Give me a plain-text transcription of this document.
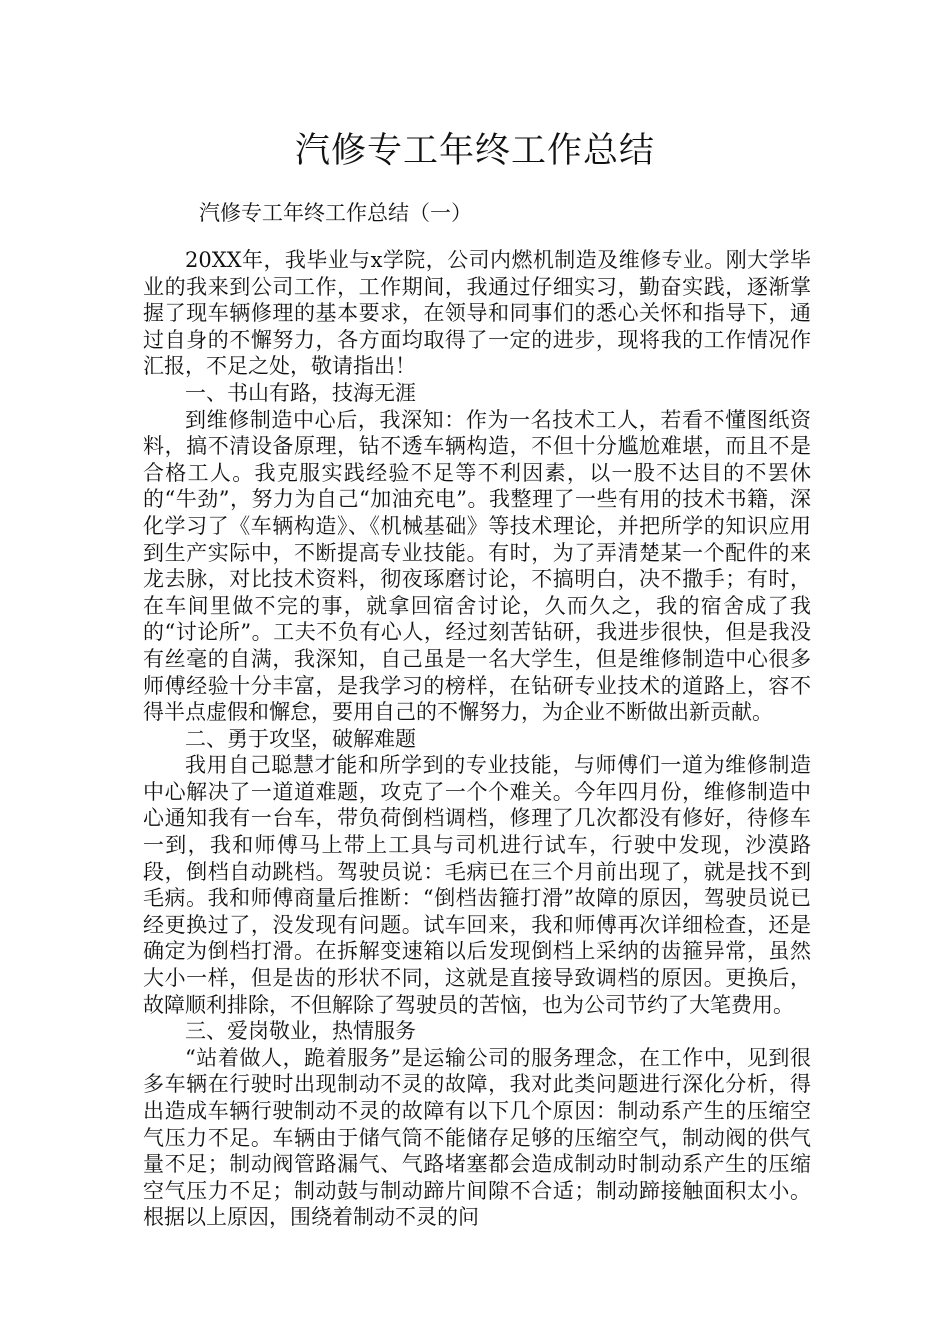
汽修专工年终工作总结
汽修专工年终工作总结（一）

20XX年，我毕业与x学院，公司内燃机制造及维修专业。刚大学毕业的我来到公司工作，工作期间，我通过仔细实习，勤奋实践，逐渐掌握了现车辆修理的基本要求，在领导和同事们的悉心关怀和指导下，通过自身的不懈努力，各方面均取得了一定的进步，现将我的工作情况作汇报，不足之处，敬请指出！

一、书山有路，技海无涯

到维修制造中心后，我深知：作为一名技术工人，若看不懂图纸资料，搞不清设备原理，钻不透车辆构造，不但十分尴尬难堪，而且不是合格工人。我克服实践经验不足等不利因素，以一股不达目的不罢休的“牛劲”，努力为自己“加油充电”。我整理了一些有用的技术书籍，深化学习了《车辆构造》、《机械基础》等技术理论，并把所学的知识应用到生产实际中，不断提高专业技能。有时，为了弄清楚某一个配件的来龙去脉，对比技术资料，彻夜琢磨讨论，不搞明白，决不撒手；有时，在车间里做不完的事，就拿回宿舍讨论，久而久之，我的宿舍成了我的“讨论所”。工夫不负有心人，经过刻苦钻研，我进步很快，但是我没有丝毫的自满，我深知，自己虽是一名大学生，但是维修制造中心很多师傅经验十分丰富，是我学习的榜样，在钻研专业技术的道路上，容不得半点虚假和懈怠，要用自己的不懈努力，为企业不断做出新贡献。

二、勇于攻坚，破解难题

我用自己聪慧才能和所学到的专业技能，与师傅们一道为维修制造中心解决了一道道难题，攻克了一个个难关。今年四月份，维修制造中心通知我有一台车，带负荷倒档调档，修理了几次都没有修好，待修车一到，我和师傅马上带上工具与司机进行试车，行驶中发现，沙漠路段，倒档自动跳档。驾驶员说：毛病已在三个月前出现了，就是找不到毛病。我和师傅商量后推断：“倒档齿箍打滑”故障的原因，驾驶员说已经更换过了，没发现有问题。试车回来，我和师傅再次详细检查，还是确定为倒档打滑。在拆解变速箱以后发现倒档上采纳的齿箍异常，虽然大小一样，但是齿的形状不同，这就是直接导致调档的原因。更换后，故障顺利排除，不但解除了驾驶员的苦恼，也为公司节约了大笔费用。

三、爱岗敬业，热情服务

“站着做人，跪着服务”是运输公司的服务理念，在工作中，见到很多车辆在行驶时出现制动不灵的故障，我对此类问题进行深化分析，得出造成车辆行驶制动不灵的故障有以下几个原因：制动系产生的压缩空气压力不足。车辆由于储气筒不能储存足够的压缩空气，制动阀的供气量不足；制动阀管路漏气、气路堵塞都会造成制动时制动系产生的压缩空气压力不足；制动鼓与制动蹄片间隙不合适；制动蹄接触面积太小。根据以上原因，围绕着制动不灵的问
